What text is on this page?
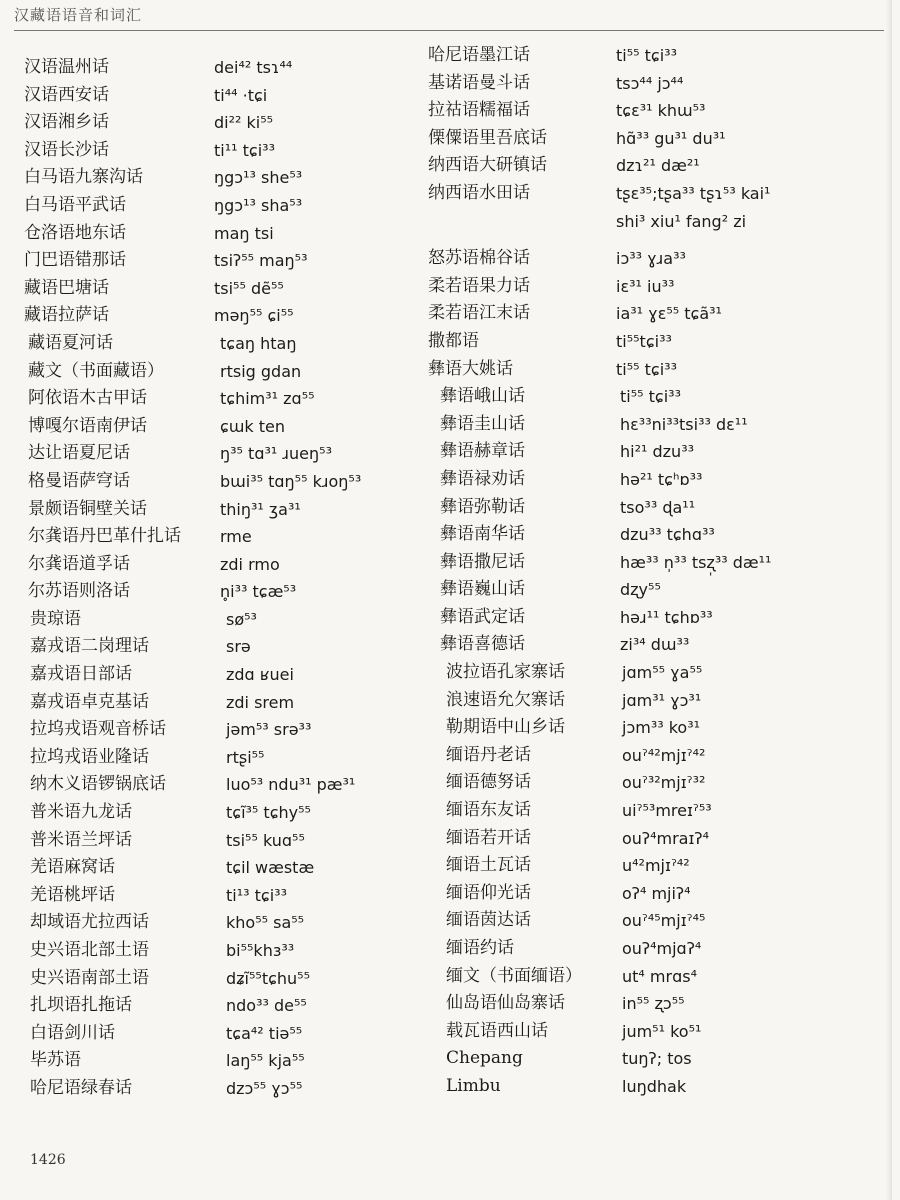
汉藏语语音和词汇
汉语温州话	dei⁴² tsɿ⁴⁴
汉语西安话	ti⁴⁴ ·tɕi
汉语湘乡话	di²² ki⁵⁵
汉语长沙话	ti¹¹ tɕi³³
白马语九寨沟话	ŋgɔ¹³ she⁵³
白马语平武话	ŋgɔ¹³ sha⁵³
仓洛语地东话	maŋ tsi
门巴语错那话	tsiʔ⁵⁵ maŋ⁵³
藏语巴塘话	tsi⁵⁵ dẽ⁵⁵
藏语拉萨话	məŋ⁵⁵ ɕi⁵⁵
藏语夏河话	tɕaŋ htaŋ
藏文（书面藏语）	rtsig gdan
阿依语木古甲话	tɕhim³¹ zɑ⁵⁵
博嘎尔语南伊话	ɕɯk ten
达让语夏尼话	ŋ³⁵ tɑ³¹ ɹueŋ⁵³
格曼语萨穹话	bɯi³⁵ tɑŋ⁵⁵ kɹoŋ⁵³
景颇语铜壁关话	thiŋ³¹ ʒa³¹
尔龚语丹巴革什扎话	rme
尔龚语道孚话	zdi rmo
尔苏语则洛话	n̥i³³ tɕæ⁵³
贵琼语	sø⁵³
嘉戎语二岗理话	srə
嘉戎语日部话	zdɑ ʁuei
嘉戎语卓克基话	zdi srem
拉坞戎语观音桥话	jəm⁵³ srə³³
拉坞戎语业隆话	rtʂi⁵⁵
纳木义语锣锅底话	luo⁵³ ndu³¹ pæ³¹
普米语九龙话	tɕĩ³⁵ tɕhy⁵⁵
普米语兰坪话	tsi⁵⁵ kuɑ⁵⁵
羌语麻窝话	tɕil wæstæ
羌语桃坪话	ti¹³ tɕi³³
却域语尤拉西话	kho⁵⁵ sa⁵⁵
史兴语北部土语	bi⁵⁵khɜ³³
史兴语南部土语	dʑĩ⁵⁵tɕhu⁵⁵
扎坝语扎拖话	ndo³³ de⁵⁵
白语剑川话	tɕa⁴² tiə⁵⁵
毕苏语	laŋ⁵⁵ kja⁵⁵
哈尼语绿春话	dzɔ⁵⁵ ɣɔ⁵⁵
哈尼语墨江话	ti⁵⁵ tɕi³³
基诺语曼斗话	tsɔ⁴⁴ jɔ⁴⁴
拉祜语糯福话	tɕɛ³¹ khɯ⁵³
傈僳语里吾底话	hɑ̃³³ gu³¹ du³¹
纳西语大研镇话	dzɿ²¹ dæ²¹
纳西语水田话	tʂɛ³⁵;tʂa³³ tʂɿ⁵³ kai¹
shi³ xiu¹ fang² zi
怒苏语棉谷话	iɔ³³ ɣɹa³³
柔若语果力话	iɛ³¹ iu³³
柔若语江末话	ia³¹ ɣɛ⁵⁵ tɕã³¹
撒都语	ti⁵⁵tɕi³³
彝语大姚话	ti⁵⁵ tɕi³³
彝语峨山话	ti⁵⁵ tɕi³³
彝语圭山话	hɛ³³ni³³tsi³³ dɛ¹¹
彝语赫章话	hi²¹ dzu³³
彝语禄劝话	hə²¹ tɕʰɒ³³
彝语弥勒话	tso³³ ɖa¹¹
彝语南华话	dzu³³ tɕhɑ³³
彝语撒尼话	hæ³³ n̩³³ tsʐ̩³³ dæ¹¹
彝语巍山话	dʐy⁵⁵
彝语武定话	həɹ¹¹ tɕhɒ³³
彝语喜德话	zi³⁴ dɯ³³
波拉语孔家寨话	jɑm⁵⁵ ɣa⁵⁵
浪速语允欠寨话	jɑm³¹ ɣɔ³¹
勒期语中山乡话	jɔm³³ ko³¹
缅语丹老话	ouˀ⁴²mjɪˀ⁴²
缅语德努话	ouˀ³²mjɪˀ³²
缅语东友话	uiˀ⁵³mreɪˀ⁵³
缅语若开话	ouʔ⁴mraɪʔ⁴
缅语土瓦话	u⁴²mjɪˀ⁴²
缅语仰光话	oʔ⁴ mjiʔ⁴
缅语茵达话	ouˀ⁴⁵mjɪˀ⁴⁵
缅语约话	ouʔ⁴mjɑʔ⁴
缅文（书面缅语）	ut⁴ mrɑs⁴
仙岛语仙岛寨话	in⁵⁵ ʐɔ⁵⁵
载瓦语西山话	jum⁵¹ ko⁵¹
Chepang	tuŋʔ; tos
Limbu	luŋdhak
1426
